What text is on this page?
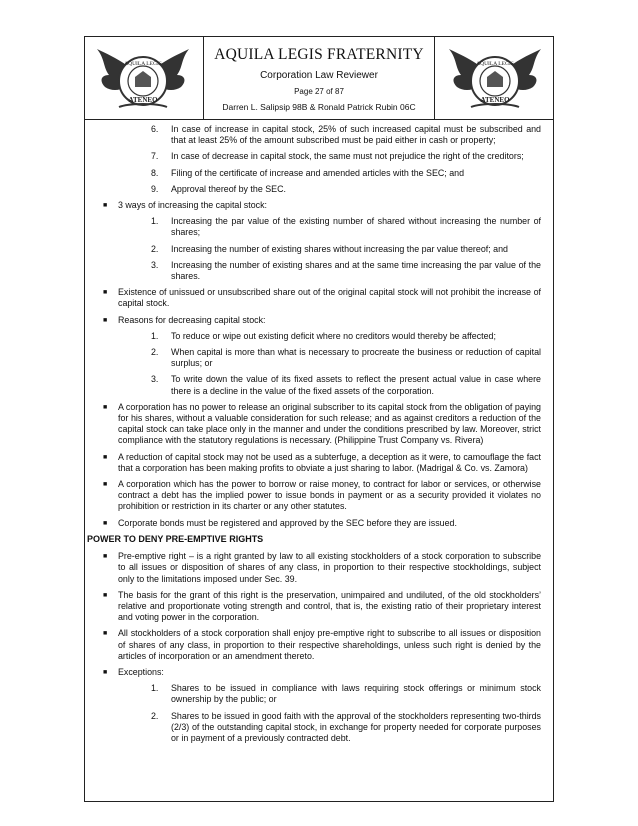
AQUILA LEGIS
ATENEO
AQUILA LEGIS
ATENEO
AQUILA LEGIS FRATERNITY
Corporation Law Reviewer
Page 27 of 87
Darren L. Salipsip 98B & Ronald Patrick Rubin 06C
6. In case of increase in capital stock, 25% of such increased capital must be subscribed and that at least 25% of the amount subscribed must be paid either in cash or property;
7. In case of decrease in capital stock, the same must not prejudice the right of the creditors;
8. Filing of the certificate of increase and amended articles with the SEC; and
9. Approval thereof by the SEC.
■ 3 ways of increasing the capital stock:
1. Increasing the par value of the existing number of shared without increasing the number of shares;
2. Increasing the number of existing shares without increasing the par value thereof; and
3. Increasing the number of existing shares and at the same time increasing the par value of the shares.
■ Existence of unissued or unsubscribed share out of the original capital stock will not prohibit the increase of capital stock.
■ Reasons for decreasing capital stock:
1. To reduce or wipe out existing deficit where no creditors would thereby be affected;
2. When capital is more than what is necessary to procreate the business or reduction of capital surplus; or
3. To write down the value of its fixed assets to reflect the present actual value in case where there is a decline in the value of the fixed assets of the corporation.
■ A corporation has no power to release an original subscriber to its capital stock from the obligation of paying for his shares, without a valuable consideration for such release; and as against creditors a reduction of the capital stock can take place only in the manner and under the conditions prescribed by law. Moreover, strict compliance with the statutory regulations is necessary. (Philippine Trust Company vs. Rivera)
■ A reduction of capital stock may not be used as a subterfuge, a deception as it were, to camouflage the fact that a corporation has been making profits to obviate a just sharing to labor. (Madrigal & Co. vs. Zamora)
■ A corporation which has the power to borrow or raise money, to contract for labor or services, or otherwise contract a debt has the implied power to issue bonds in payment or as a security provided it violates no prohibition or restriction in its charter or any other statutes.
■ Corporate bonds must be registered and approved by the SEC before they are issued.
POWER TO DENY PRE-EMPTIVE RIGHTS
■ Pre-emptive right – is a right granted by law to all existing stockholders of a stock corporation to subscribe to all issues or disposition of shares of any class, in proportion to their respective stockholdings, subject only to the limitations imposed under Sec. 39.
■ The basis for the grant of this right is the preservation, unimpaired and undiluted, of the old stockholders’ relative and proportionate voting strength and control, that is, the existing ratio of their proprietary interest and voting power in the corporation.
■ All stockholders of a stock corporation shall enjoy pre-emptive right to subscribe to all issues or disposition of shares of any class, in proportion to their respective shareholdings, unless such right is denied by the articles of incorporation or an amendment thereto.
■ Exceptions:
1. Shares to be issued in compliance with laws requiring stock offerings or minimum stock ownership by the public; or
2. Shares to be issued in good faith with the approval of the stockholders representing two-thirds (2/3) of the outstanding capital stock, in exchange for property needed for corporate purposes or in payment of a previously contracted debt.
